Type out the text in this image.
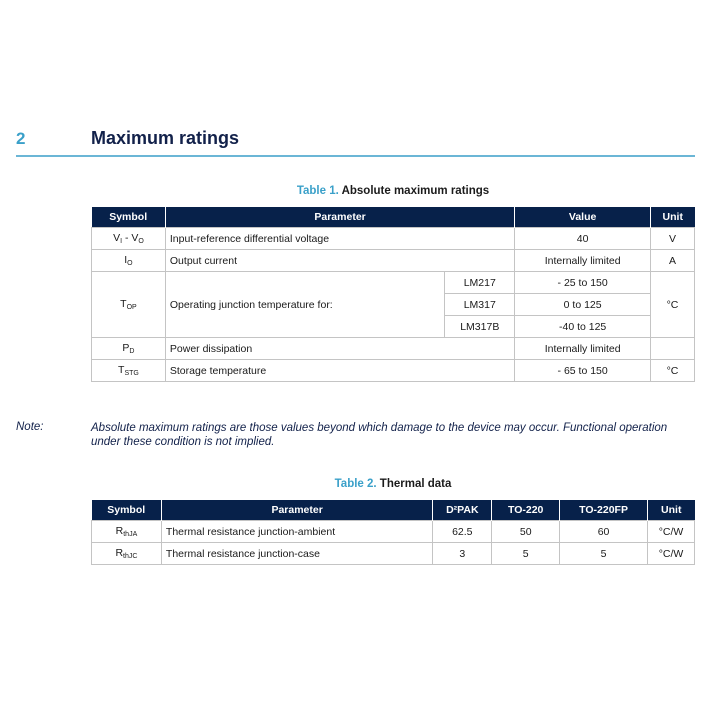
2	Maximum ratings
Table 1. Absolute maximum ratings
Symbol	Parameter		Value	Unit
$V_I - V_O$	Input-reference differential voltage		40	V
$I_O$	Output current		Internally limited	A
$T_{OP}$	Operating junction temperature for:	LM217	- 25 to 150	°C
		LM317	0 to 125	
		LM317B	-40 to 125	
$P_D$	Power dissipation		Internally limited	
$T_{STG}$	Storage temperature		- 65 to 150	°C
Note:	Absolute maximum ratings are those values beyond which damage to the device may occur. Functional operation under these condition is not implied.
Table 2. Thermal data
Symbol	Parameter	D²PAK	TO-220	TO-220FP	Unit
$R_{thJA}$	Thermal resistance junction-ambient	62.5	50	60	°C/W
$R_{thJC}$	Thermal resistance junction-case	3	5	5	°C/W
